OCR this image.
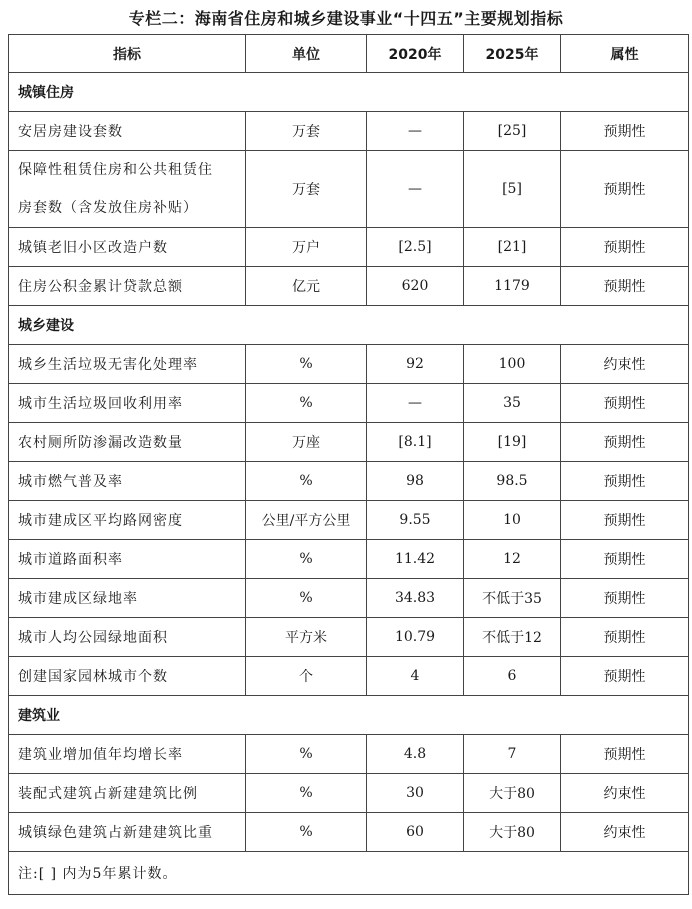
专栏二：海南省住房和城乡建设事业“十四五”主要规划指标
指标	单位	2020年	2025年	属性
城镇住房				
安居房建设套数	万套	—	[25]	预期性

保障性租赁住房和公共租赁住
房套数（含发放住房补贴）	万套	—	[5]	预期性
城镇老旧小区改造户数	万户	[2.5]	[21]	预期性
住房公积金累计贷款总额	亿元	620	1179	预期性
城乡建设				
城乡生活垃圾无害化处理率	%	92	100	约束性
城市生活垃圾回收利用率	%	—	35	预期性
农村厕所防渗漏改造数量	万座	[8.1]	[19]	预期性
城市燃气普及率	%	98	98.5	预期性
城市建成区平均路网密度	公里/平方公里	9.55	10	预期性
城市道路面积率	%	11.42	12	预期性
城市建成区绿地率	%	34.83	不低于35	预期性
城市人均公园绿地面积	平方米	10.79	不低于12	预期性
创建国家园林城市个数	个	4	6	预期性
建筑业				
建筑业增加值年均增长率	%	4.8	7	预期性
装配式建筑占新建建筑比例	%	30	大于80	约束性
城镇绿色建筑占新建建筑比重	%	60	大于80	约束性
注:[ ] 内为5年累计数。				
